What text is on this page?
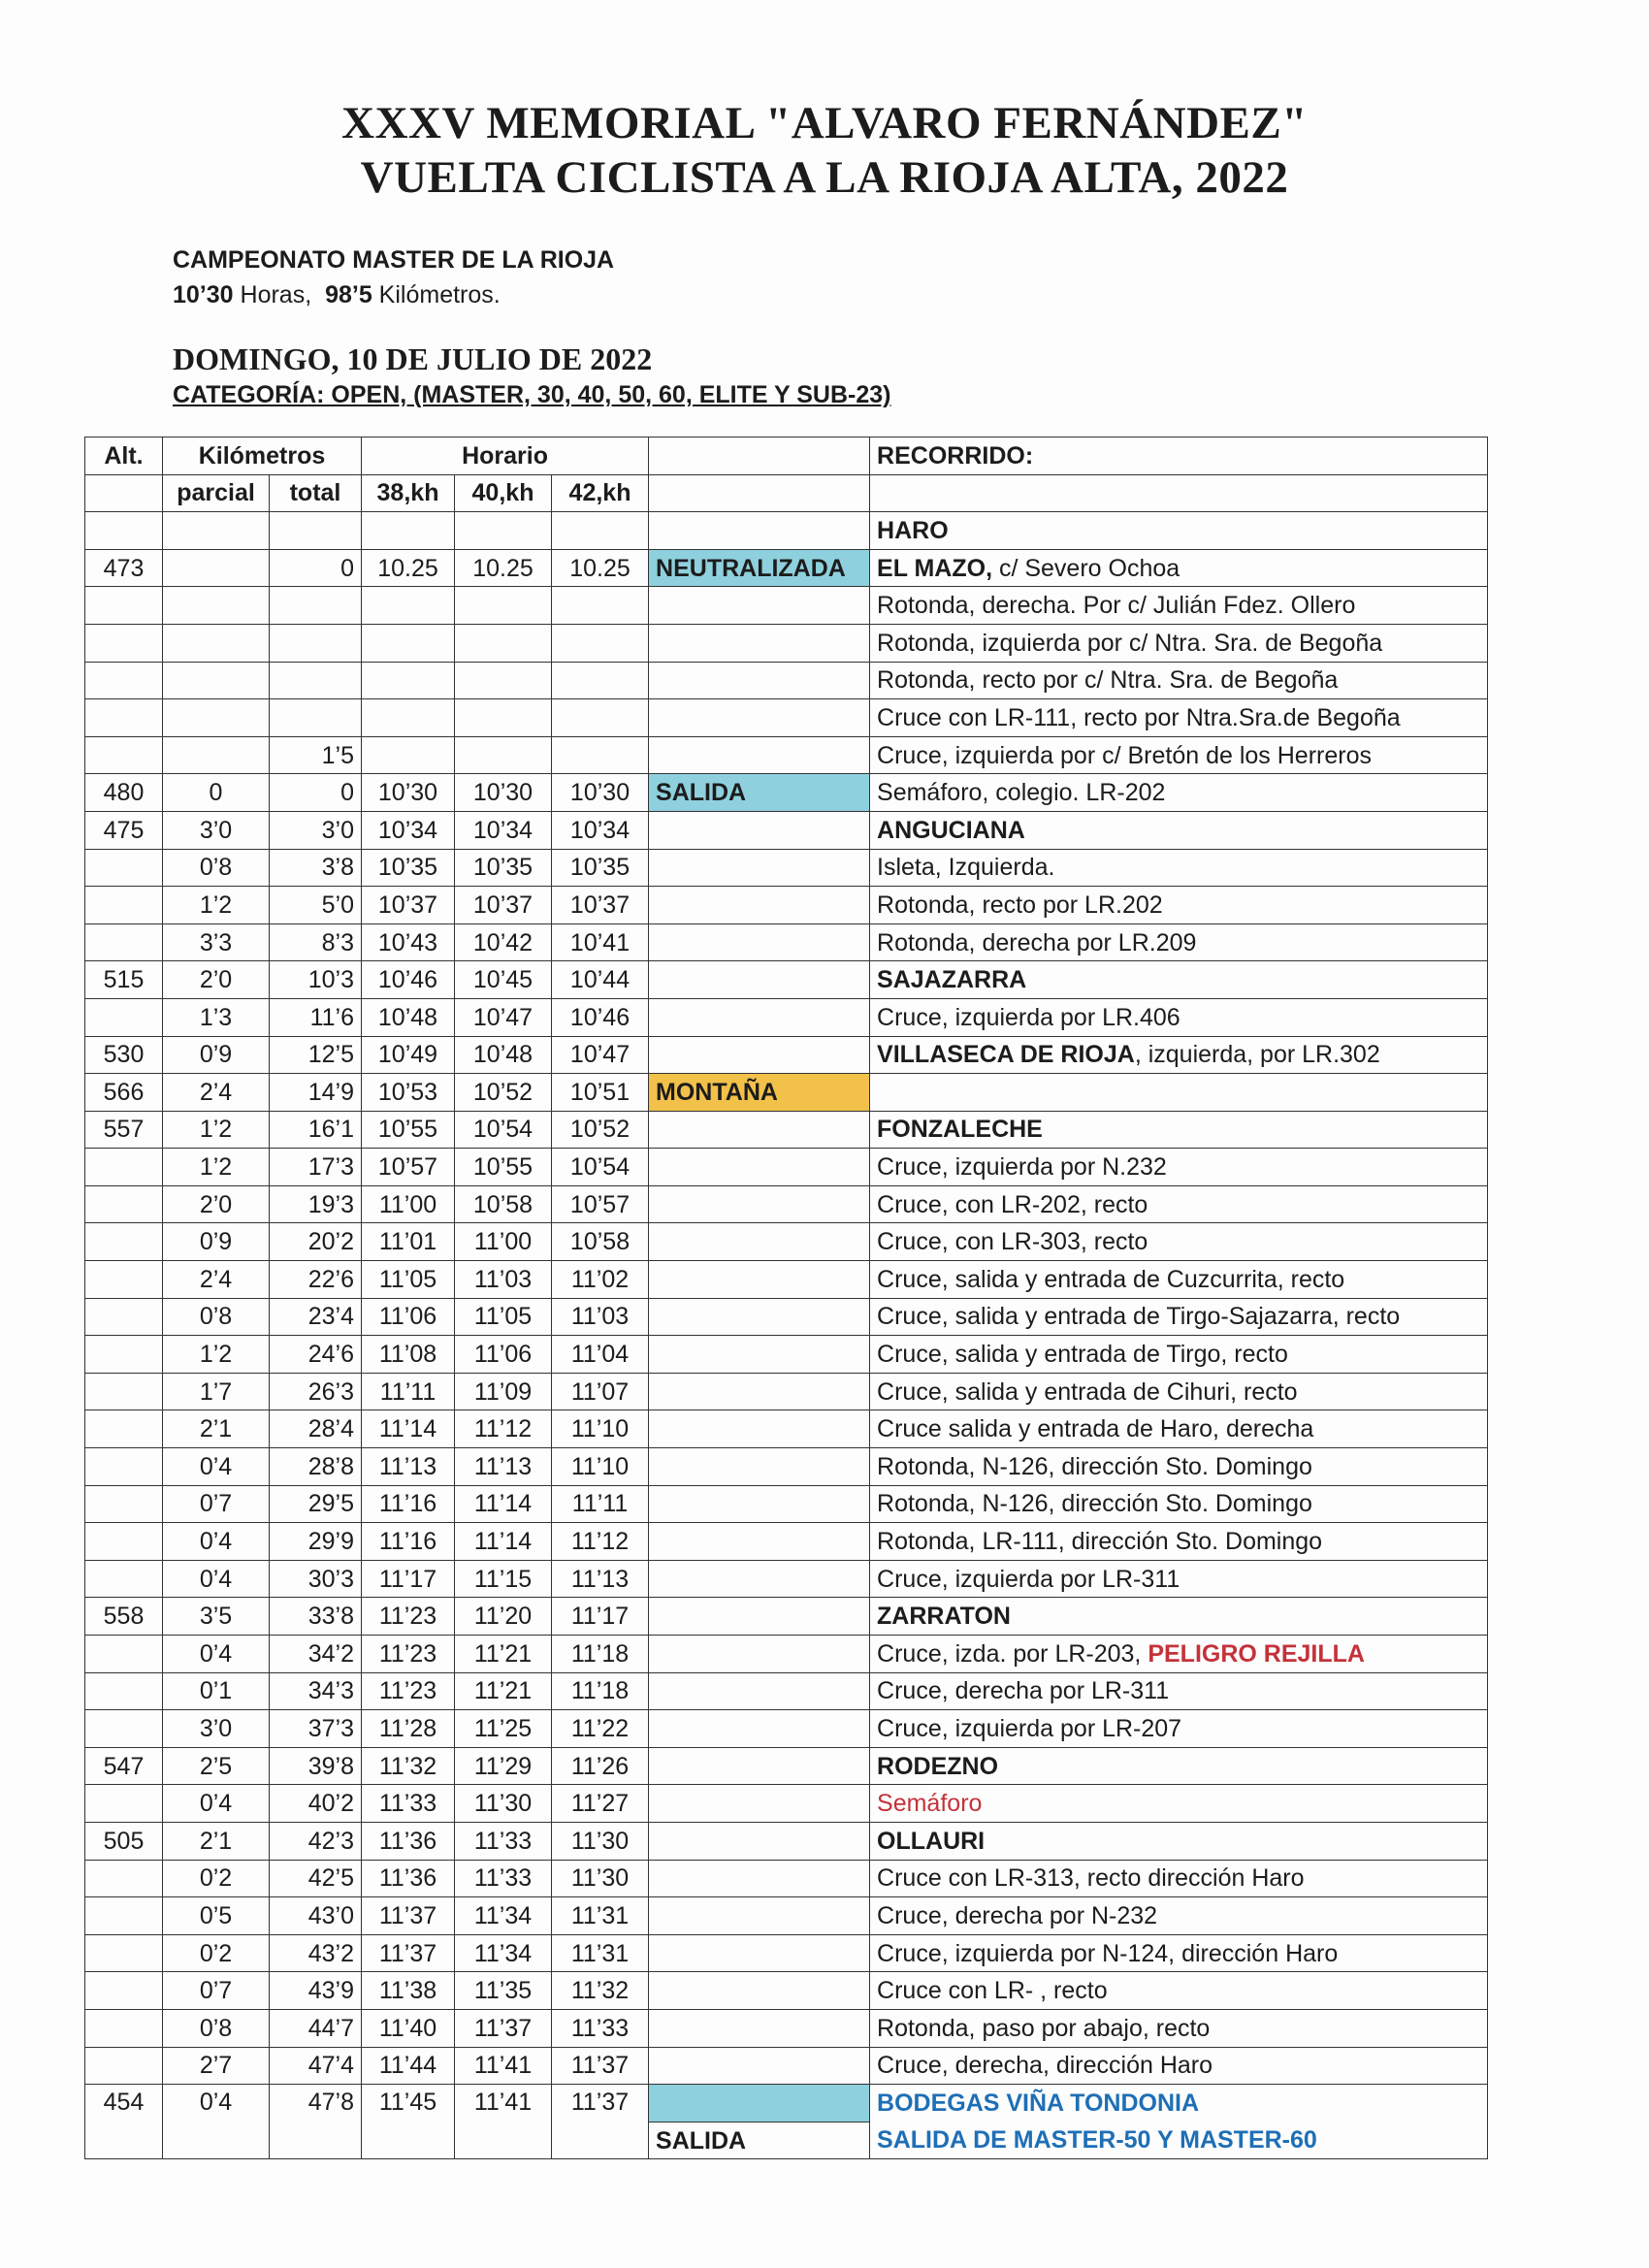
XXXV MEMORIAL "ALVARO FERNÁNDEZ"
VUELTA CICLISTA A LA RIOJA ALTA, 2022
CAMPEONATO MASTER DE LA RIOJA
10’30 Horas, 98’5 Kilómetros.
DOMINGO, 10 DE JULIO DE 2022
CATEGORÍA: OPEN, (MASTER, 30, 40, 50, 60, ELITE Y SUB-23)
Alt.	Kilómetros		Horario				RECORRIDO:
	parcial	total	38,kh	40,kh	42,kh		
							HARO
473		0	10.25	10.25	10.25	NEUTRALIZADA	EL MAZO, c/ Severo Ochoa
							Rotonda, derecha. Por c/ Julián Fdez. Ollero
							Rotonda, izquierda por c/ Ntra. Sra. de Begoña
							Rotonda, recto por c/ Ntra. Sra. de Begoña
							Cruce con LR-111, recto por Ntra.Sra.de Begoña
		1’5					Cruce, izquierda por c/ Bretón de los Herreros
480	0	0	10’30	10’30	10’30	SALIDA	Semáforo, colegio. LR-202
475	3’0	3’0	10’34	10’34	10’34		ANGUCIANA
	0’8	3’8	10’35	10’35	10’35		Isleta, Izquierda.
	1’2	5’0	10’37	10’37	10’37		Rotonda, recto por LR.202
	3’3	8’3	10’43	10’42	10’41		Rotonda, derecha por LR.209
515	2’0	10’3	10’46	10’45	10’44		SAJAZARRA
	1’3	11’6	10’48	10’47	10’46		Cruce, izquierda por LR.406
530	0’9	12’5	10’49	10’48	10’47		VILLASECA DE RIOJA, izquierda, por LR.302
566	2’4	14’9	10’53	10’52	10’51	MONTAÑA	
557	1’2	16’1	10’55	10’54	10’52		FONZALECHE
	1’2	17’3	10’57	10’55	10’54		Cruce, izquierda por N.232
	2’0	19’3	11’00	10’58	10’57		Cruce, con LR-202, recto
	0’9	20’2	11’01	11’00	10’58		Cruce, con LR-303, recto
	2’4	22’6	11’05	11’03	11’02		Cruce, salida y entrada de Cuzcurrita, recto
	0’8	23’4	11’06	11’05	11’03		Cruce, salida y entrada de Tirgo-Sajazarra, recto
	1’2	24’6	11’08	11’06	11’04		Cruce, salida y entrada de Tirgo, recto
	1’7	26’3	11’11	11’09	11’07		Cruce, salida y entrada de Cihuri, recto
	2’1	28’4	11’14	11’12	11’10		Cruce salida y entrada de Haro, derecha
	0’4	28’8	11’13	11’13	11’10		Rotonda, N-126, dirección Sto. Domingo
	0’7	29’5	11’16	11’14	11’11		Rotonda, N-126, dirección Sto. Domingo
	0’4	29’9	11’16	11’14	11’12		Rotonda, LR-111, dirección Sto. Domingo
	0’4	30’3	11’17	11’15	11’13		Cruce, izquierda por LR-311
558	3’5	33’8	11’23	11’20	11’17		ZARRATON
	0’4	34’2	11’23	11’21	11’18		Cruce, izda. por LR-203, PELIGRO REJILLA
	0’1	34’3	11’23	11’21	11’18		Cruce, derecha por LR-311
	3’0	37’3	11’28	11’25	11’22		Cruce, izquierda por LR-207
547	2’5	39’8	11’32	11’29	11’26		RODEZNO
	0’4	40’2	11’33	11’30	11’27		Semáforo
505	2’1	42’3	11’36	11’33	11’30		OLLAURI
	0’2	42’5	11’36	11’33	11’30		Cruce con LR-313, recto dirección Haro
	0’5	43’0	11’37	11’34	11’31		Cruce, derecha por N-232
	0’2	43’2	11’37	11’34	11’31		Cruce, izquierda por N-124, dirección Haro
	0’7	43’9	11’38	11’35	11’32		Cruce con LR- , recto
	0’8	44’7	11’40	11’37	11’33		Rotonda, paso por abajo, recto
	2’7	47’4	11’44	11’41	11’37		Cruce, derecha, dirección Haro
454	0’4	47’8	11’45	11’41	11’37		BODEGAS VIÑA TONDONIA
						SALIDA	SALIDA DE MASTER-50 Y MASTER-60
